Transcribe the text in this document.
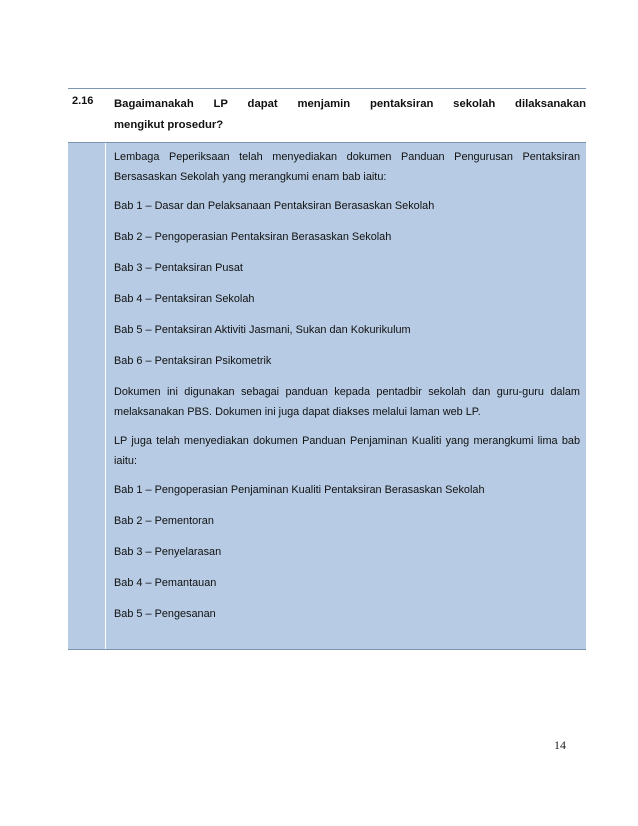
2.16	Bagaimanakah LP dapat menjamin pentaksiran sekolah dilaksanakan
mengikut prosedur?

Lembaga Peperiksaan telah menyediakan dokumen Panduan Pengurusan Pentaksiran Bersasaskan Sekolah yang merangkumi enam bab iaitu:

Bab 1 – Dasar dan Pelaksanaan Pentaksiran Berasaskan Sekolah
Bab 2 – Pengoperasian Pentaksiran Berasaskan Sekolah
Bab 3 – Pentaksiran Pusat
Bab 4 – Pentaksiran Sekolah
Bab 5 – Pentaksiran Aktiviti Jasmani, Sukan dan Kokurikulum
Bab 6 – Pentaksiran Psikometrik

Dokumen ini digunakan sebagai panduan kepada pentadbir sekolah dan guru-guru dalam melaksanakan PBS. Dokumen ini juga dapat diakses melalui laman web LP.

LP juga telah menyediakan dokumen Panduan Penjaminan Kualiti yang merangkumi lima bab iaitu:

Bab 1 – Pengoperasian Penjaminan Kualiti Pentaksiran Berasaskan Sekolah
Bab 2 – Pementoran
Bab 3 – Penyelarasan
Bab 4 – Pemantauan
Bab 5 – Pengesanan
14
